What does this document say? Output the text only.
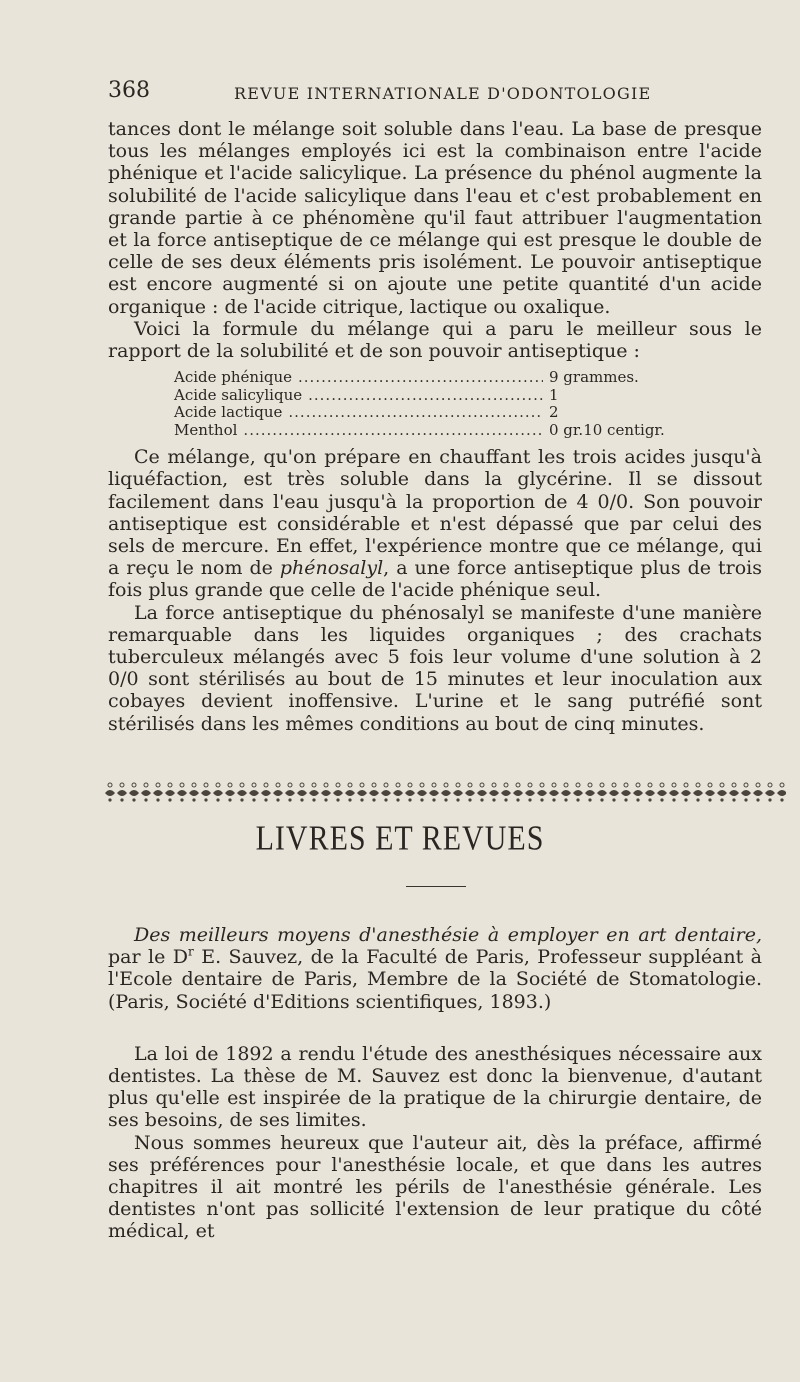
368	REVUE INTERNATIONALE D'ODONTOLOGIE

tances dont le mélange soit soluble dans l'eau. La base de presque tous les mélanges employés ici est la combinaison entre l'acide phénique et l'acide salicylique. La présence du phénol augmente la solubilité de l'acide salicylique dans l'eau et c'est probablement en grande partie à ce phénomène qu'il faut attribuer l'augmentation et la force antiseptique de ce mélange qui est presque le double de celle de ses deux éléments pris isolément. Le pouvoir antiseptique est encore augmenté si on ajoute une petite quantité d'un acide organique : de l'acide citrique, lactique ou oxalique.

Voici la formule du mélange qui a paru le meilleur sous le rapport de la solubilité et de son pouvoir antiseptique :

Acide phénique .....	9 grammes.
Acide salicylique .....	1
Acide lactique .....	2
Menthol .....	0 gr.10 centigr.

Ce mélange, qu'on prépare en chauffant les trois acides jusqu'à liquéfaction, est très soluble dans la glycérine. Il se dissout facilement dans l'eau jusqu'à la proportion de 4 0/0. Son pouvoir antiseptique est considérable et n'est dépassé que par celui des sels de mercure. En effet, l'expérience montre que ce mélange, qui a reçu le nom de phénosalyl, a une force antiseptique plus de trois fois plus grande que celle de l'acide phénique seul.

La force antiseptique du phénosalyl se manifeste d'une manière remarquable dans les liquides organiques ; des crachats tuberculeux mélangés avec 5 fois leur volume d'une solution à 2 0/0 sont stérilisés au bout de 15 minutes et leur inoculation aux cobayes devient inoffensive. L'urine et le sang putréfié sont stérilisés dans les mêmes conditions au bout de cinq minutes.

LIVRES ET REVUES

Des meilleurs moyens d'anesthésie à employer en art dentaire, par le $D^r$ E. Sauvez, de la Faculté de Paris, Professeur suppléant à l'Ecole dentaire de Paris, Membre de la Société de Stomatologie. (Paris, Société d'Editions scientifiques, 1893.)

La loi de 1892 a rendu l'étude des anesthésiques nécessaire aux dentistes. La thèse de M. Sauvez est donc la bienvenue, d'autant plus qu'elle est inspirée de la pratique de la chirurgie dentaire, de ses besoins, de ses limites.

Nous sommes heureux que l'auteur ait, dès la préface, affirmé ses préférences pour l'anesthésie locale, et que dans les autres chapitres il ait montré les périls de l'anesthésie générale. Les dentistes n'ont pas sollicité l'extension de leur pratique du côté médical, et
